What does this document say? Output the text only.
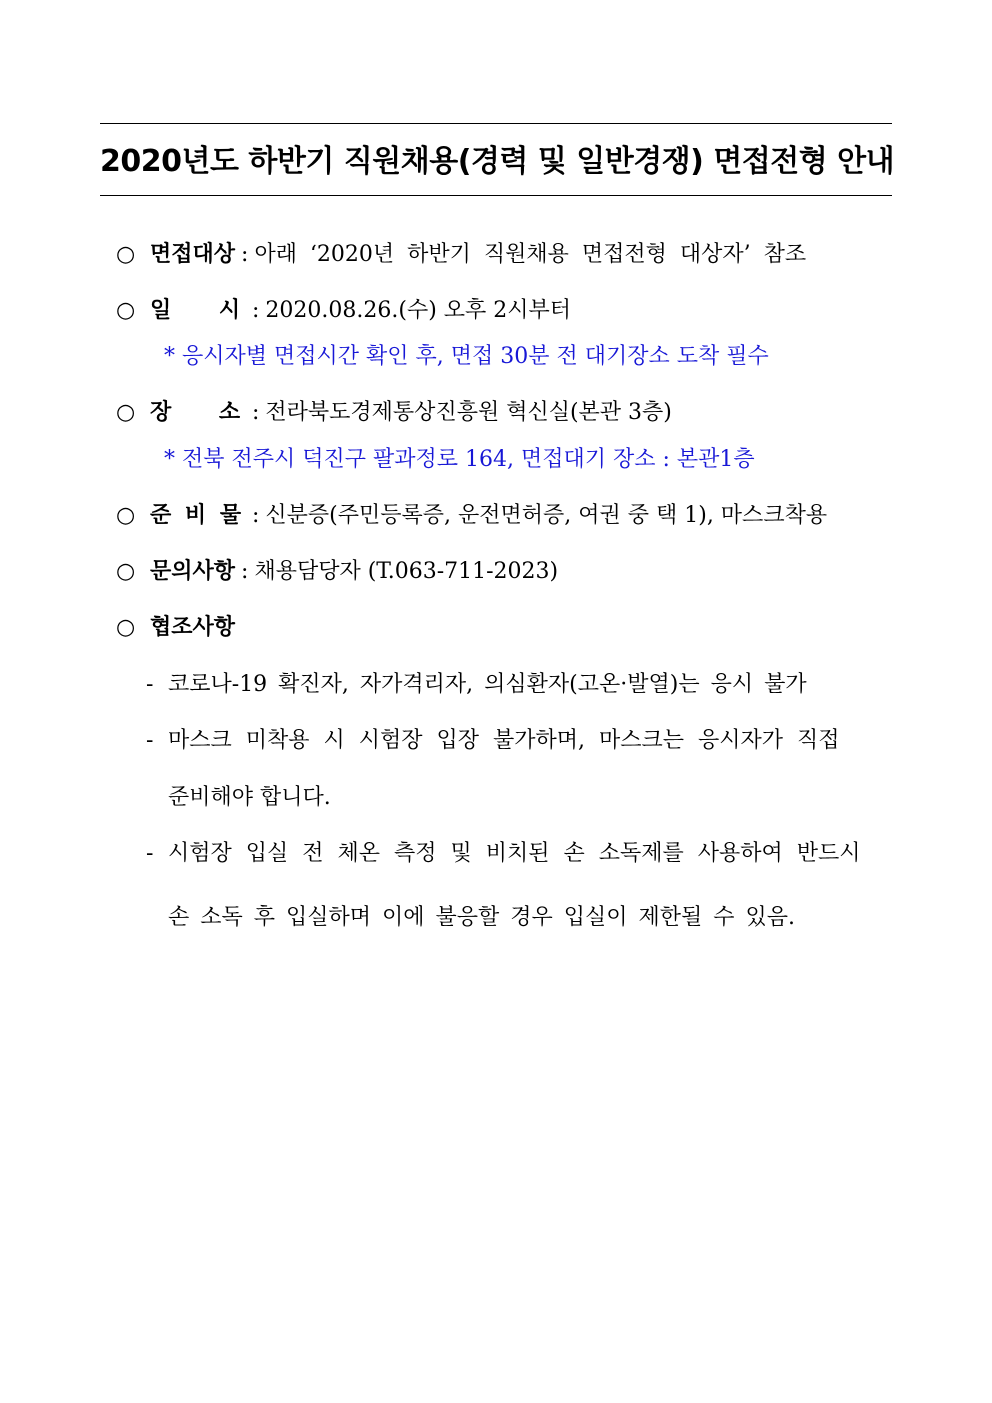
2020년도 하반기 직원채용(경력 및 일반경쟁) 면접전형 안내
○ 면접대상 : 아래 ‘2020년 하반기 직원채용 면접전형 대상자’ 참조
○ 일 시 : 2020.08.26.(수) 오후 2시부터
* 응시자별 면접시간 확인 후, 면접 30분 전 대기장소 도착 필수
○ 장 소 : 전라북도경제통상진흥원 혁신실(본관 3층)
* 전북 전주시 덕진구 팔과정로 164, 면접대기 장소 : 본관1층
○ 준 비 물 : 신분증(주민등록증, 운전면허증, 여권 중 택 1), 마스크착용
○ 문의사항 : 채용담당자 (T.063-711-2023)
○ 협조사항
- 코로나-19 확진자, 자가격리자, 의심환자(고온·발열)는 응시 불가
- 마스크 미착용 시 시험장 입장 불가하며, 마스크는 응시자가 직접
준비해야 합니다.
- 시험장 입실 전 체온 측정 및 비치된 손 소독제를 사용하여 반드시
손 소독 후 입실하며 이에 불응할 경우 입실이 제한될 수 있음.
